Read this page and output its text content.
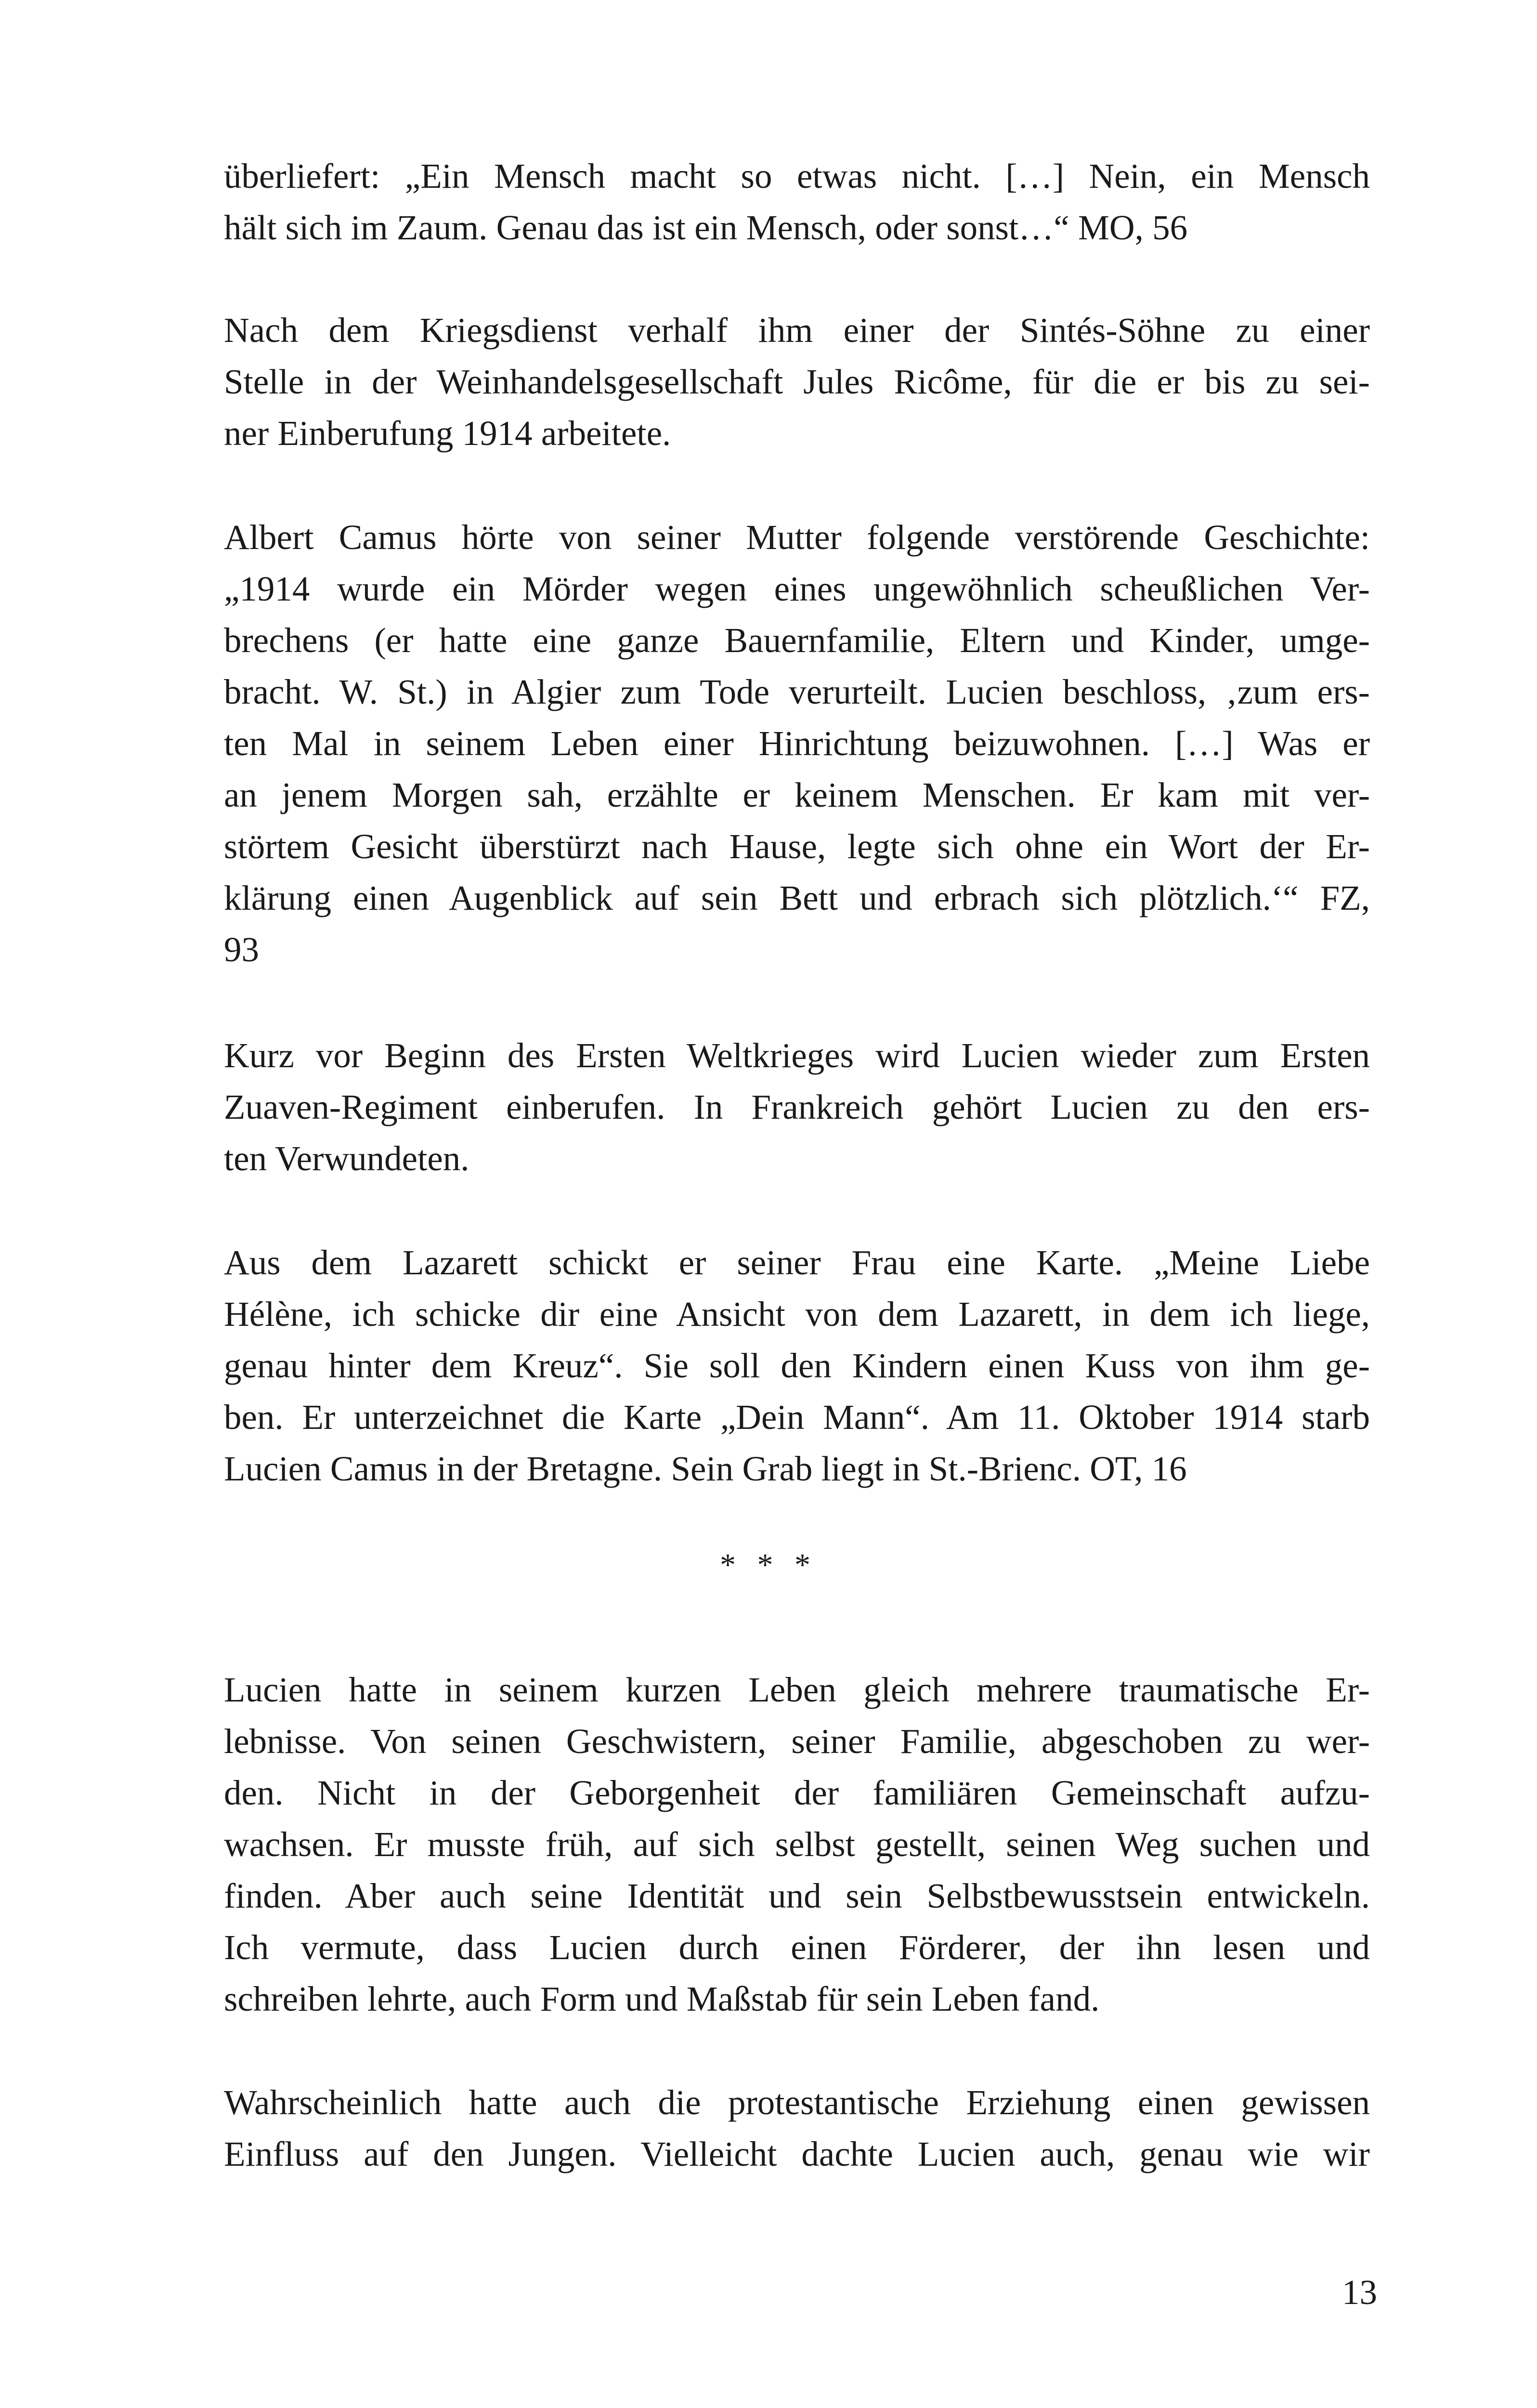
überliefert: „Ein Mensch macht so etwas nicht. […] Nein, ein Mensch
hält sich im Zaum. Genau das ist ein Mensch, oder sonst…“ MO, 56
Nach dem Kriegsdienst verhalf ihm einer der Sintés-Söhne zu einer
Stelle in der Weinhandelsgesellschaft Jules Ricôme, für die er bis zu sei-
ner Einberufung 1914 arbeitete.
Albert Camus hörte von seiner Mutter folgende verstörende Geschichte:
„1914 wurde ein Mörder wegen eines ungewöhnlich scheußlichen Ver-
brechens (er hatte eine ganze Bauernfamilie, Eltern und Kinder, umge-
bracht. W. St.) in Algier zum Tode verurteilt. Lucien beschloss, ‚zum ers-
ten Mal in seinem Leben einer Hinrichtung beizuwohnen. […] Was er
an jenem Morgen sah, erzählte er keinem Menschen. Er kam mit ver-
störtem Gesicht überstürzt nach Hause, legte sich ohne ein Wort der Er-
klärung einen Augenblick auf sein Bett und erbrach sich plötzlich.‘“ FZ,
93
Kurz vor Beginn des Ersten Weltkrieges wird Lucien wieder zum Ersten
Zuaven-Regiment einberufen. In Frankreich gehört Lucien zu den ers-
ten Verwundeten.
Aus dem Lazarett schickt er seiner Frau eine Karte. „Meine Liebe
Hélène, ich schicke dir eine Ansicht von dem Lazarett, in dem ich liege,
genau hinter dem Kreuz“. Sie soll den Kindern einen Kuss von ihm ge-
ben. Er unterzeichnet die Karte „Dein Mann“. Am 11. Oktober 1914 starb
Lucien Camus in der Bretagne. Sein Grab liegt in St.-Brienc. OT, 16
* * *
Lucien hatte in seinem kurzen Leben gleich mehrere traumatische Er-
lebnisse. Von seinen Geschwistern, seiner Familie, abgeschoben zu wer-
den. Nicht in der Geborgenheit der familiären Gemeinschaft aufzu-
wachsen. Er musste früh, auf sich selbst gestellt, seinen Weg suchen und
finden. Aber auch seine Identität und sein Selbstbewusstsein entwickeln.
Ich vermute, dass Lucien durch einen Förderer, der ihn lesen und
schreiben lehrte, auch Form und Maßstab für sein Leben fand.
Wahrscheinlich hatte auch die protestantische Erziehung einen gewissen
Einfluss auf den Jungen. Vielleicht dachte Lucien auch, genau wie wir
13
